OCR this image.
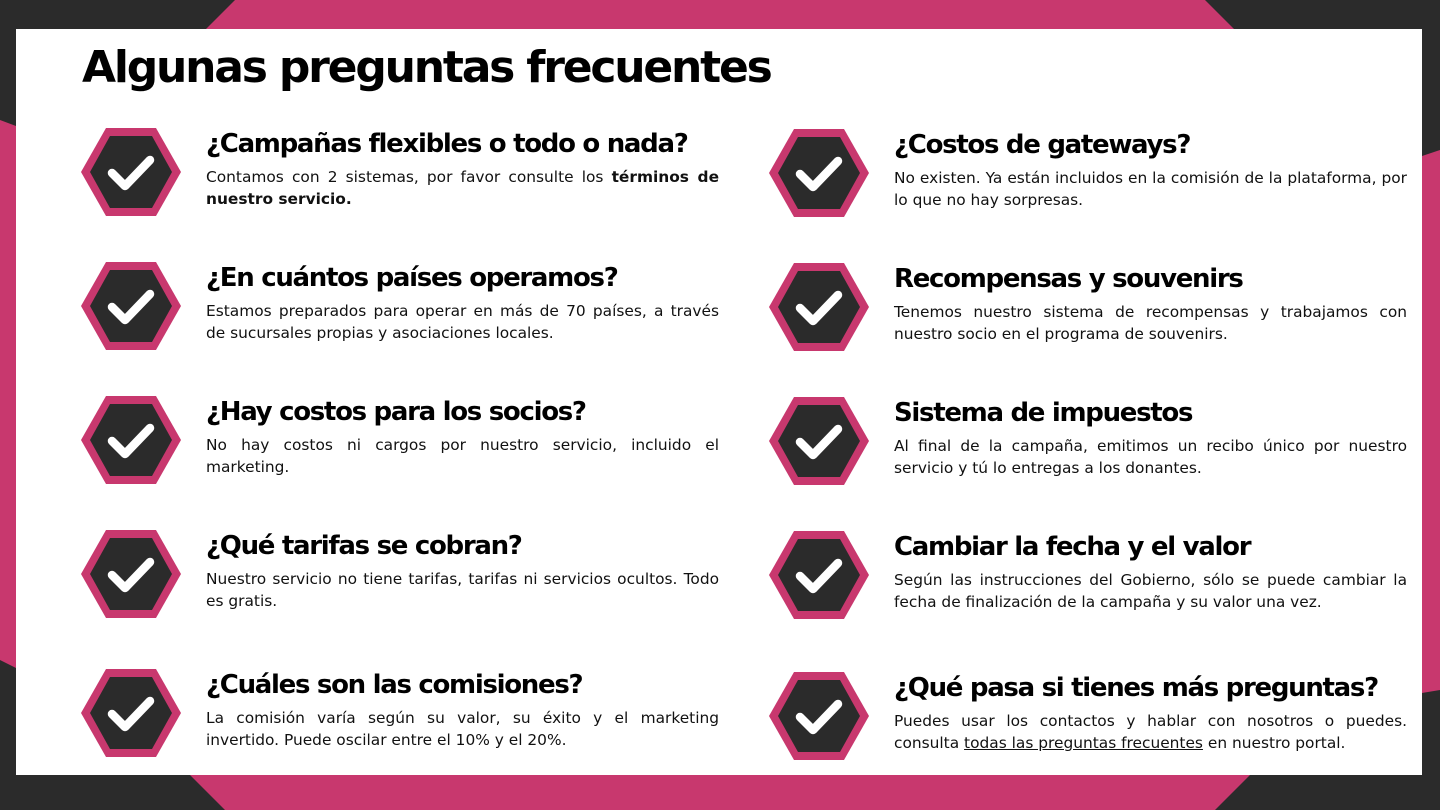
Algunas preguntas frecuentes
¿Campañas flexibles o todo o nada?

Contamos con 2 sistemas, por favor consulte los términos de nuestro servicio.

¿En cuántos países operamos?

Estamos preparados para operar en más de 70 países, a través de sucursales propias y asociaciones locales.

¿Hay costos para los socios?

No hay costos ni cargos por nuestro servicio, incluido el marketing.

¿Qué tarifas se cobran?

Nuestro servicio no tiene tarifas, tarifas ni servicios ocultos. Todo es gratis.

¿Cuáles son las comisiones?

La comisión varía según su valor, su éxito y el marketing invertido. Puede oscilar entre el 10% y el 20%.

¿Costos de gateways?

No existen. Ya están incluidos en la comisión de la plataforma, por lo que no hay sorpresas.

Recompensas y souvenirs

Tenemos nuestro sistema de recompensas y trabajamos con nuestro socio en el programa de souvenirs.

Sistema de impuestos

Al final de la campaña, emitimos un recibo único por nuestro servicio y tú lo entregas a los donantes.

Cambiar la fecha y el valor

Según las instrucciones del Gobierno, sólo se puede cambiar la fecha de finalización de la campaña y su valor una vez.

¿Qué pasa si tienes más preguntas?

Puedes usar los contactos y hablar con nosotros o puedes. consulta todas las preguntas frecuentes en nuestro portal.
